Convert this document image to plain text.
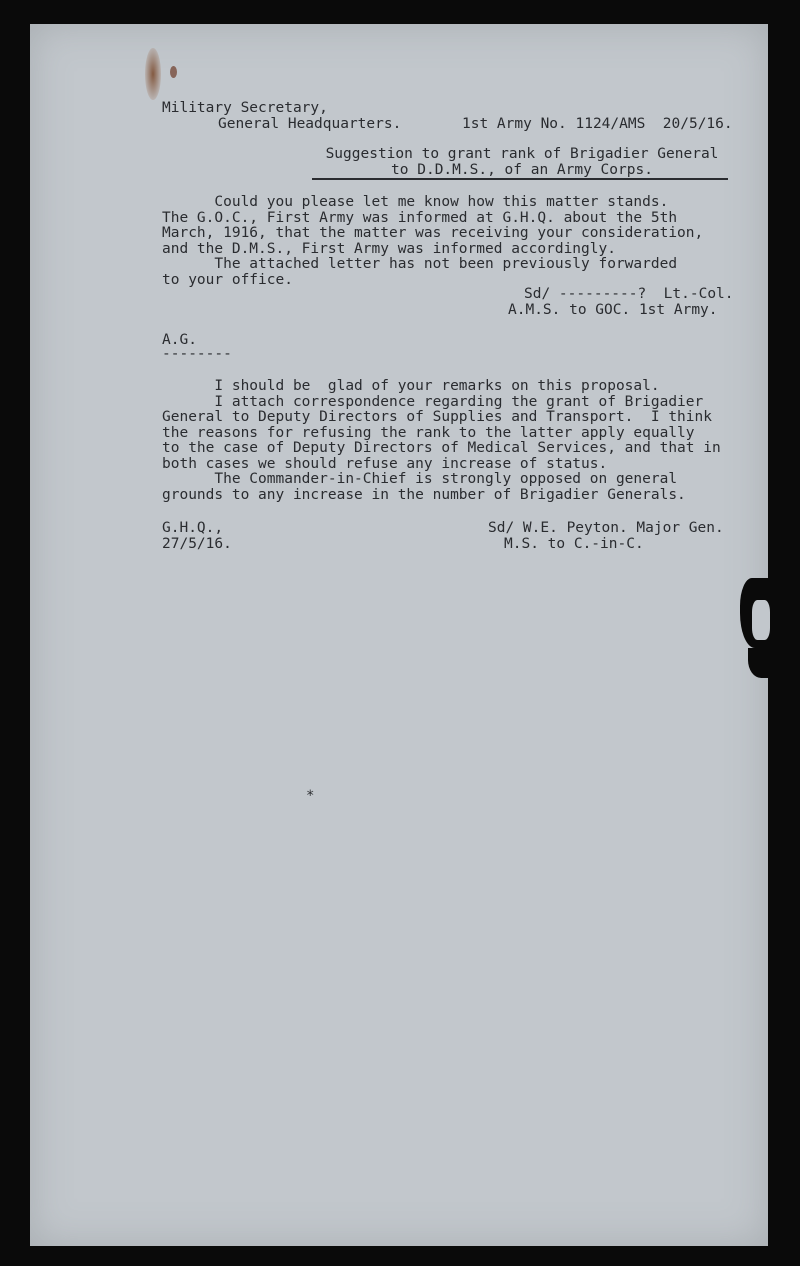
*
Military Secretary,
General Headquarters.	1st Army No. 1124/AMS  20/5/16.
Suggestion to grant rank of Brigadier General
to D.D.M.S., of an Army Corps.
Could you please let me know how this matter stands.
The G.O.C., First Army was informed at G.H.Q. about the 5th
March, 1916, that the matter was receiving your consideration,
and the D.M.S., First Army was informed accordingly.
The attached letter has not been previously forwarded
to your office.
Sd/ ---------?  Lt.-Col.
A.M.S. to GOC. 1st Army.
A.G.
--------
I should be  glad of your remarks on this proposal.
I attach correspondence regarding the grant of Brigadier
General to Deputy Directors of Supplies and Transport.  I think
the reasons for refusing the rank to the latter apply equally
to the case of Deputy Directors of Medical Services, and that in
both cases we should refuse any increase of status.
The Commander-in-Chief is strongly opposed on general
grounds to any increase in the number of Brigadier Generals.
G.H.Q.,
27/5/16.
Sd/ W.E. Peyton. Major Gen.
M.S. to C.-in-C.
